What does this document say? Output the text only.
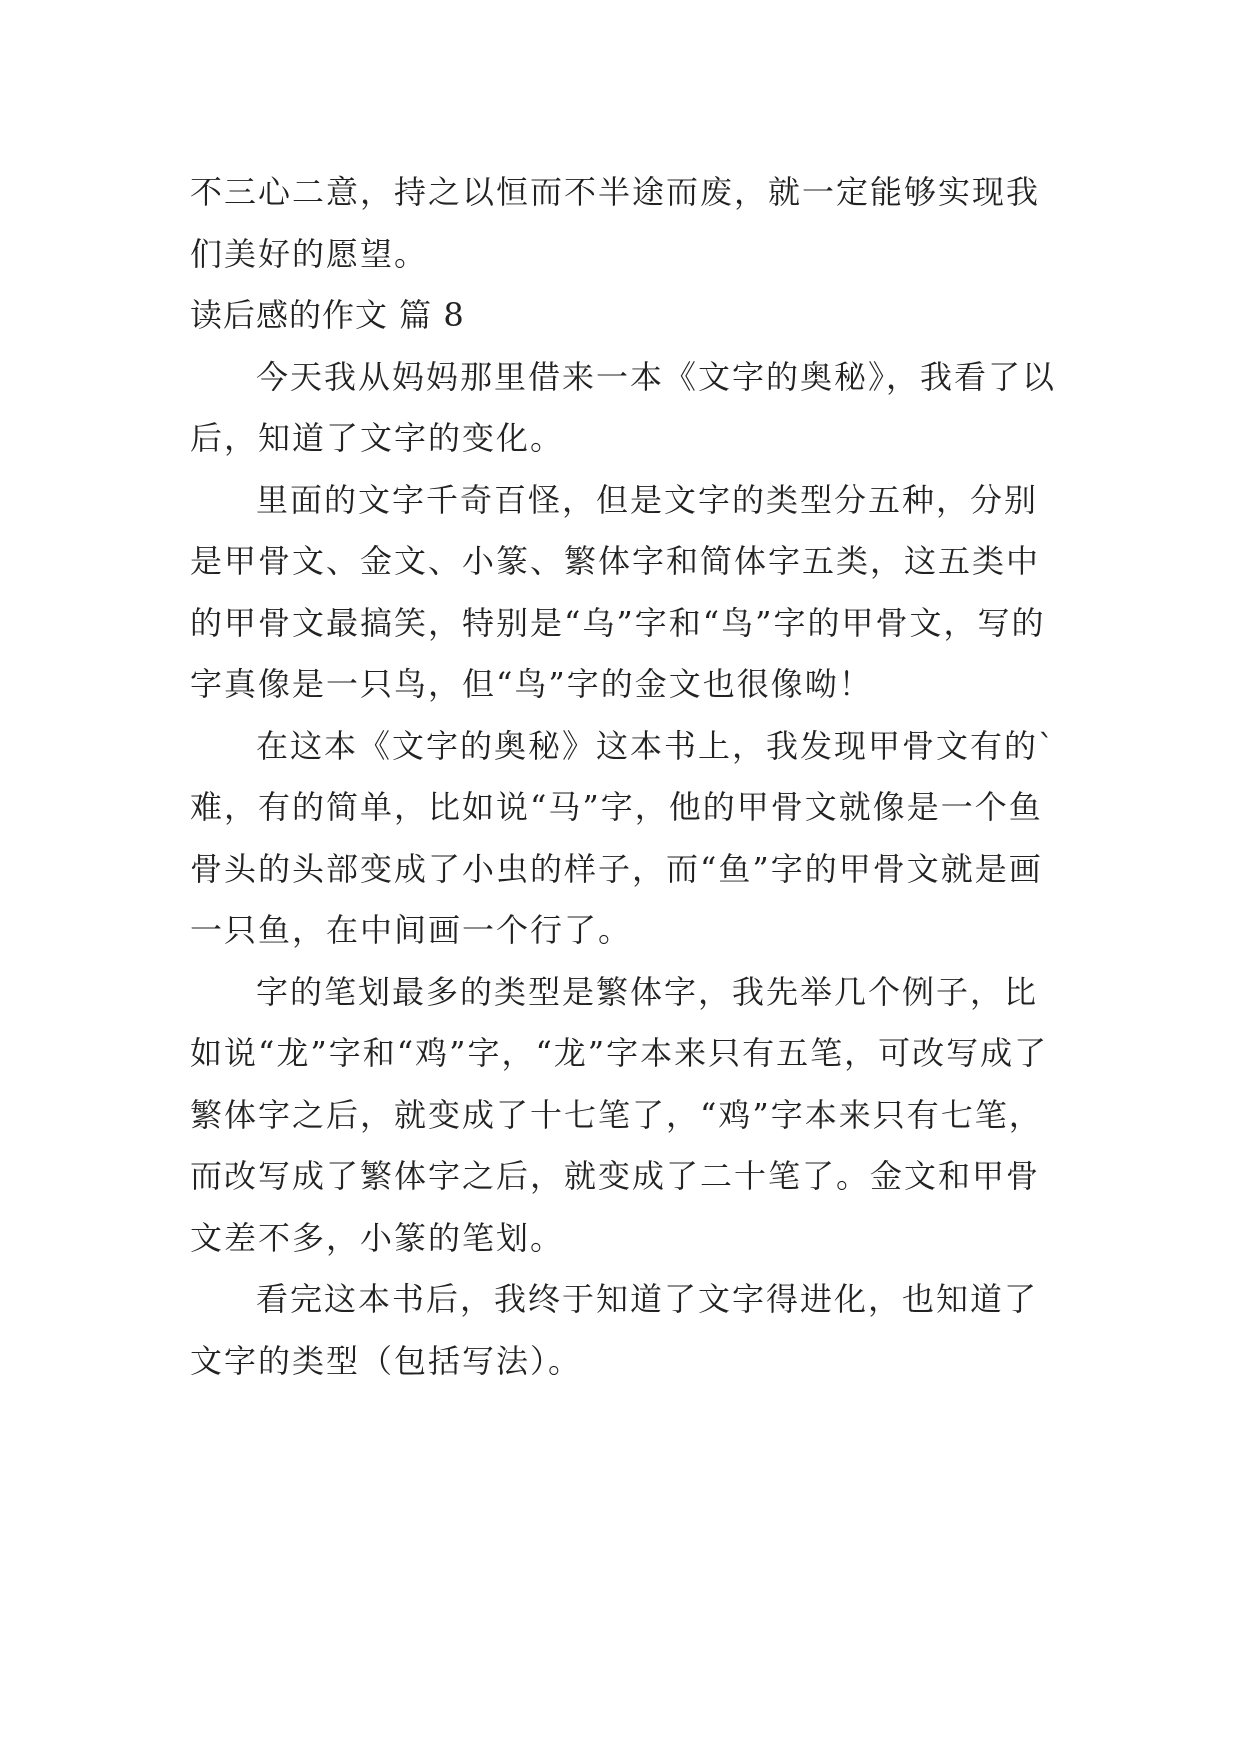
不三心二意，持之以恒而不半途而废，就一定能够实现我们美好的愿望。

读后感的作文 篇 8

今天我从妈妈那里借来一本《文字的奥秘》，我看了以后，知道了文字的变化。

里面的文字千奇百怪，但是文字的类型分五种，分别是甲骨文、金文、小篆、繁体字和简体字五类，这五类中的甲骨文最搞笑，特别是“乌”字和“鸟”字的甲骨文，写的字真像是一只鸟，但“鸟”字的金文也很像呦！

在这本《文字的奥秘》这本书上，我发现甲骨文有的`难，有的简单，比如说“马”字，他的甲骨文就像是一个鱼骨头的头部变成了小虫的样子，而“鱼”字的甲骨文就是画一只鱼，在中间画一个行了。

字的笔划最多的类型是繁体字，我先举几个例子，比如说“龙”字和“鸡”字，“龙”字本来只有五笔，可改写成了繁体字之后，就变成了十七笔了，“鸡”字本来只有七笔，而改写成了繁体字之后，就变成了二十笔了。金文和甲骨文差不多，小篆的笔划。

看完这本书后，我终于知道了文字得进化，也知道了文字的类型（包括写法）。
